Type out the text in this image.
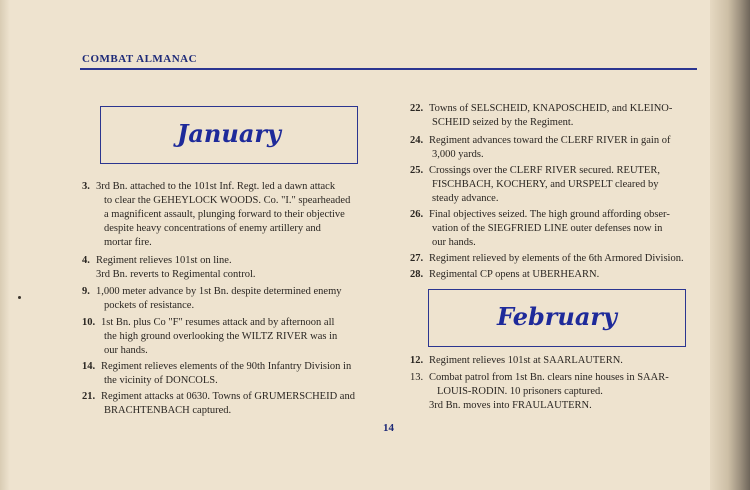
COMBAT ALMANAC
January
3. 3rd Bn. attached to the 101st Inf. Regt. led a dawn attack
to clear the GEHEYLOCK WOODS. Co. "I." spearheaded
a magnificent assault, plunging forward to their objective
despite heavy concentrations of enemy artillery and
mortar fire.
4. Regiment relieves 101st on line.
3rd Bn. reverts to Regimental control.
9. 1,000 meter advance by 1st Bn. despite determined enemy
pockets of resistance.
10. 1st Bn. plus Co "F" resumes attack and by afternoon all
the high ground overlooking the WILTZ RIVER was in
our hands.
14. Regiment relieves elements of the 90th Infantry Division in
the vicinity of DONCOLS.
21. Regiment attacks at 0630. Towns of GRUMERSCHEID and
BRACHTENBACH captured.
22. Towns of SELSCHEID, KNAPOSCHEID, and KLEINO-
SCHEID seized by the Regiment.
24. Regiment advances toward the CLERF RIVER in gain of
3,000 yards.
25. Crossings over the CLERF RIVER secured. REUTER,
FISCHBACH, KOCHERY, and URSPELT cleared by
steady advance.
26. Final objectives seized. The high ground affording obser-
vation of the SIEGFRIED LINE outer defenses now in
our hands.
27. Regiment relieved by elements of the 6th Armored Division.
28. Regimental CP opens at UBERHEARN.
February
12. Regiment relieves 101st at SAARLAUTERN.
13. Combat patrol from 1st Bn. clears nine houses in SAAR-
LOUIS-RODIN. 10 prisoners captured.
3rd Bn. moves into FRAULAUTERN.
14
